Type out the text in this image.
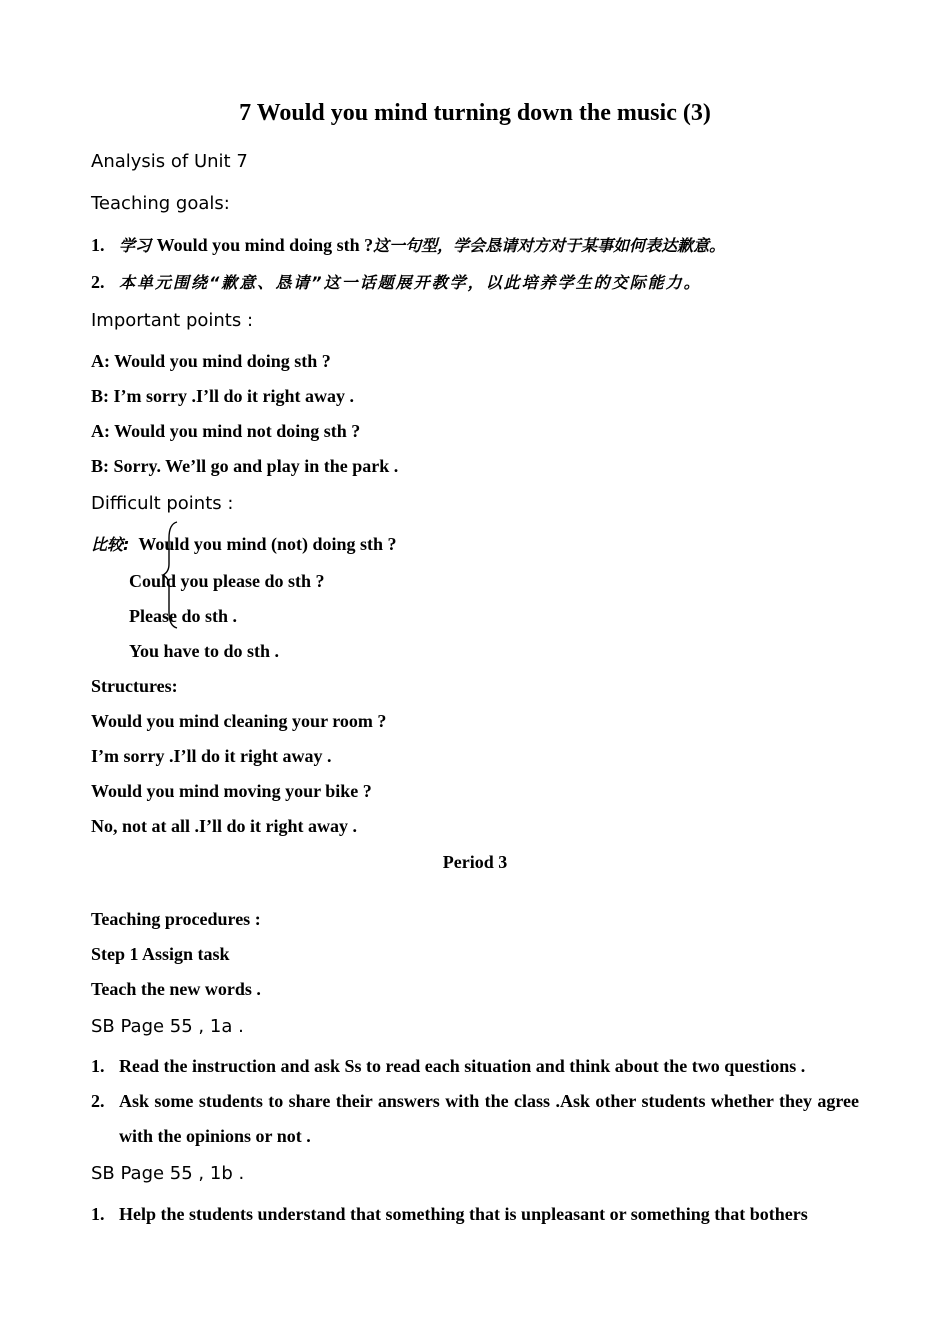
7 Would you mind turning down the music (3)
Analysis of Unit 7
Teaching goals:
1. 学习 Would you mind doing sth ?这一句型，学会恳请对方对于某事如何表达歉意。
2. 本单元围绕“歉意、恳请”这一话题展开教学，以此培养学生的交际能力。
Important points :
A: Would you mind doing sth ?
B: I’m sorry .I’ll do it right away .
A: Would you mind not doing sth ?
B: Sorry. We’ll go and play in the park .
Difficult points :
比较: Would you mind (not) doing sth ?
Could you please do sth ?
Please do sth .
You have to do sth .
Structures:
Would you mind cleaning your room ?
I’m sorry .I’ll do it right away .
Would you mind moving your bike ?
No, not at all .I’ll do it right away .
Period 3
Teaching procedures :
Step 1 Assign task
Teach the new words .
SB Page 55 , 1a .
1. Read the instruction and ask Ss to read each situation and think about the two questions .
2. Ask some students to share their answers with the class .Ask other students whether they agree with the opinions or not .
SB Page 55 , 1b .
1. Help the students understand that something that is unpleasant or something that bothers
